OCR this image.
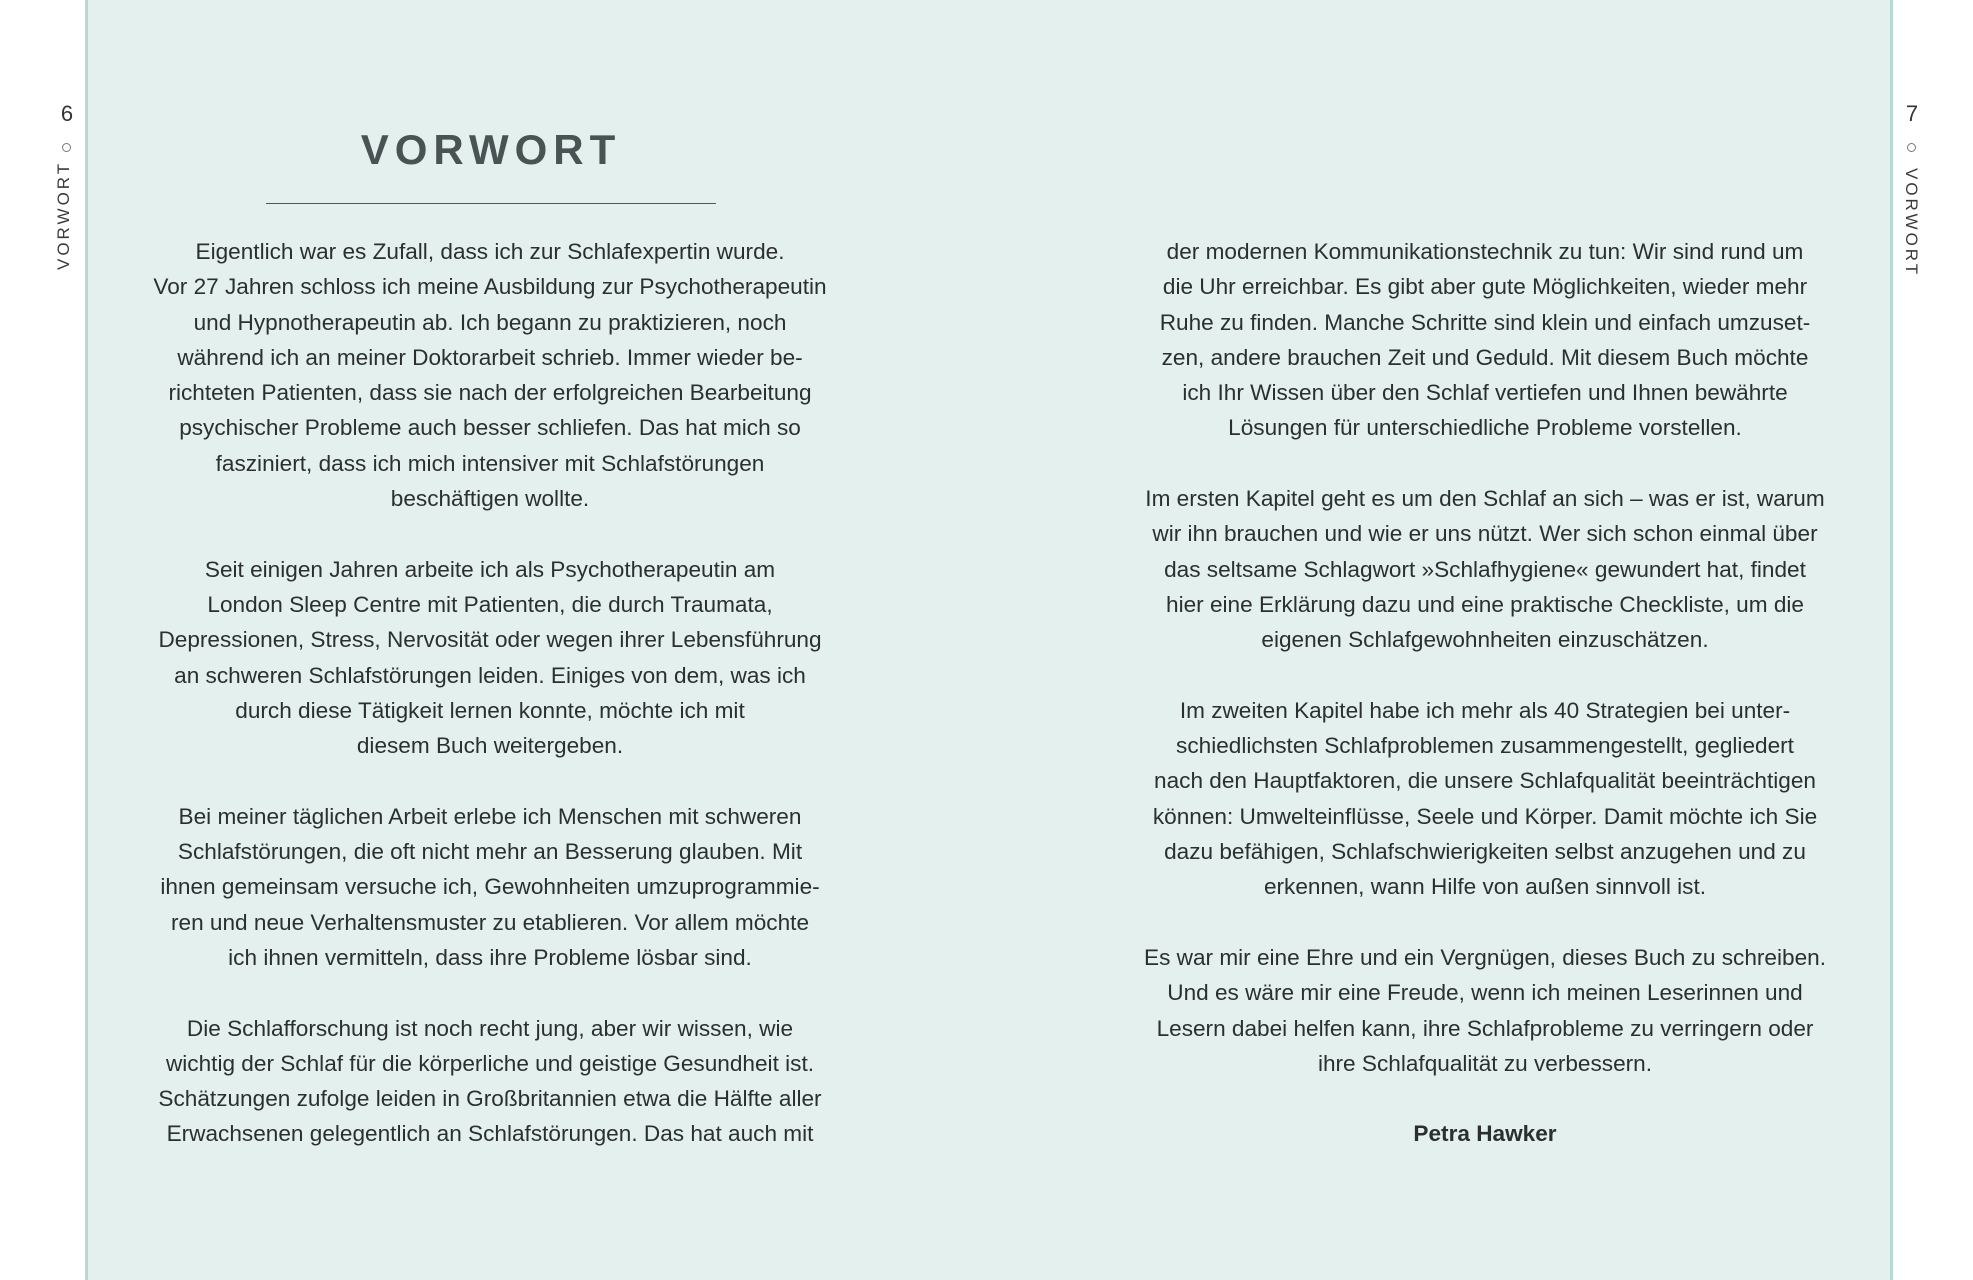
6
VORWORT
7
VORWORT
VORWORT

Eigentlich war es Zufall, dass ich zur Schlafexpertin wurde.
Vor 27 Jahren schloss ich meine Ausbildung zur Psychotherapeutin
und Hypnotherapeutin ab. Ich begann zu praktizieren, noch
während ich an meiner Doktorarbeit schrieb. Immer wieder be-
richteten Patienten, dass sie nach der erfolgreichen Bearbeitung
psychischer Probleme auch besser schliefen. Das hat mich so
fasziniert, dass ich mich intensiver mit Schlafstörungen
beschäftigen wollte.

Seit einigen Jahren arbeite ich als Psychotherapeutin am
London Sleep Centre mit Patienten, die durch Traumata,
Depressionen, Stress, Nervosität oder wegen ihrer Lebensführung
an schweren Schlafstörungen leiden. Einiges von dem, was ich
durch diese Tätigkeit lernen konnte, möchte ich mit
diesem Buch weitergeben.

Bei meiner täglichen Arbeit erlebe ich Menschen mit schweren
Schlafstörungen, die oft nicht mehr an Besserung glauben. Mit
ihnen gemeinsam versuche ich, Gewohnheiten umzuprogrammie-
ren und neue Verhaltensmuster zu etablieren. Vor allem möchte
ich ihnen vermitteln, dass ihre Probleme lösbar sind.

Die Schlafforschung ist noch recht jung, aber wir wissen, wie
wichtig der Schlaf für die körperliche und geistige Gesundheit ist.
Schätzungen zufolge leiden in Großbritannien etwa die Hälfte aller
Erwachsenen gelegentlich an Schlafstörungen. Das hat auch mit

der modernen Kommunikationstechnik zu tun: Wir sind rund um
die Uhr erreichbar. Es gibt aber gute Möglichkeiten, wieder mehr
Ruhe zu finden. Manche Schritte sind klein und einfach umzuset-
zen, andere brauchen Zeit und Geduld. Mit diesem Buch möchte
ich Ihr Wissen über den Schlaf vertiefen und Ihnen bewährte
Lösungen für unterschiedliche Probleme vorstellen.

Im ersten Kapitel geht es um den Schlaf an sich – was er ist, warum
wir ihn brauchen und wie er uns nützt. Wer sich schon einmal über
das seltsame Schlagwort »Schlafhygiene« gewundert hat, findet
hier eine Erklärung dazu und eine praktische Checkliste, um die
eigenen Schlafgewohnheiten einzuschätzen.

Im zweiten Kapitel habe ich mehr als 40 Strategien bei unter-
schiedlichsten Schlafproblemen zusammengestellt, gegliedert
nach den Hauptfaktoren, die unsere Schlafqualität beeinträchtigen
können: Umwelteinflüsse, Seele und Körper. Damit möchte ich Sie
dazu befähigen, Schlafschwierigkeiten selbst anzugehen und zu
erkennen, wann Hilfe von außen sinnvoll ist.

Es war mir eine Ehre und ein Vergnügen, dieses Buch zu schreiben.
Und es wäre mir eine Freude, wenn ich meinen Leserinnen und
Lesern dabei helfen kann, ihre Schlafprobleme zu verringern oder
ihre Schlafqualität zu verbessern.

Petra Hawker
